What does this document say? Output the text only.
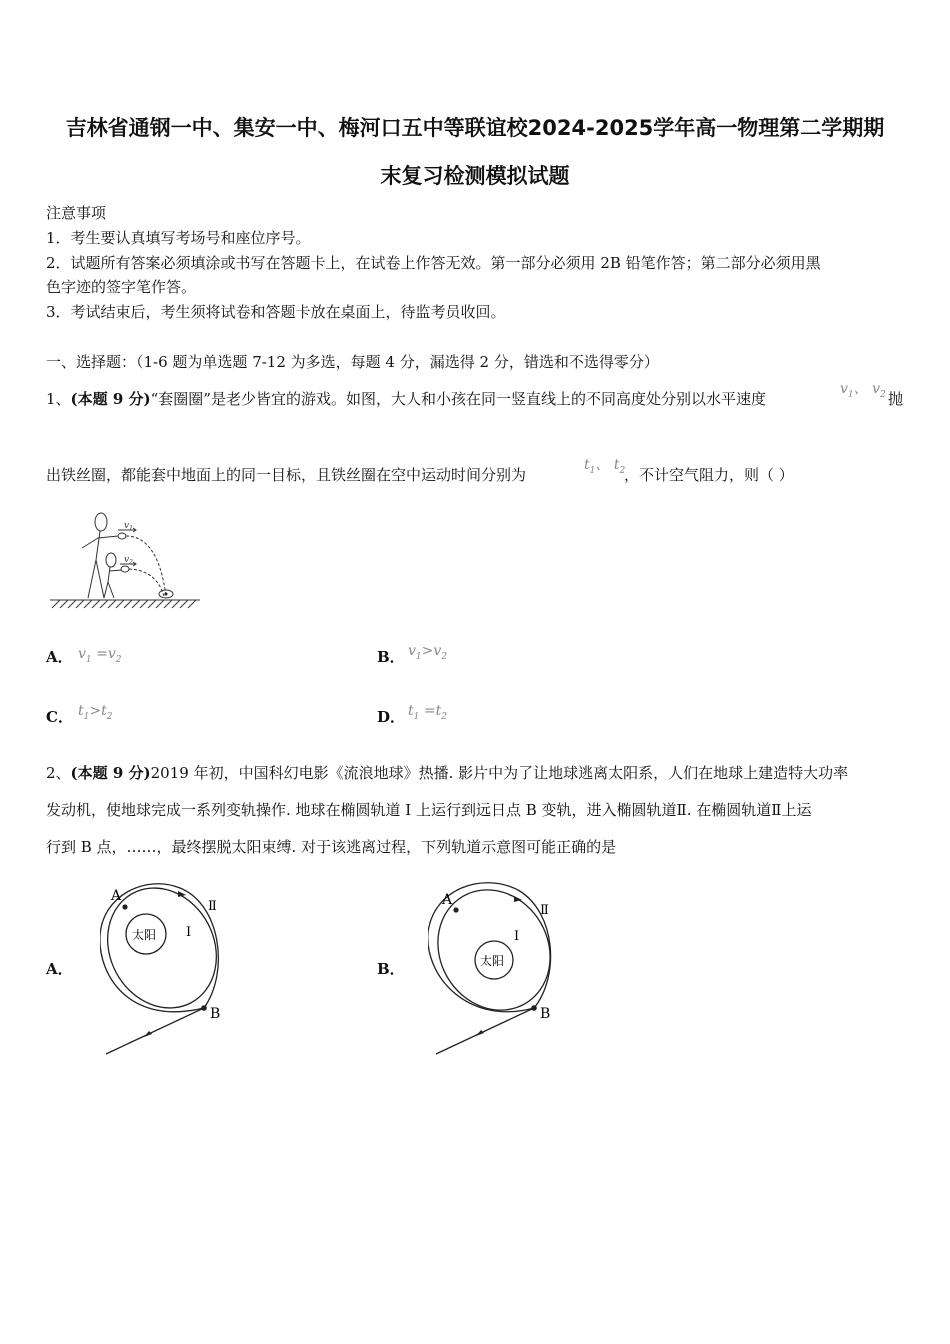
吉林省通钢一中、集安一中、梅河口五中等联谊校2024-2025学年高一物理第二学期期
末复习检测模拟试题
注意事项
1．考生要认真填写考场号和座位序号。
2．试题所有答案必须填涂或书写在答题卡上，在试卷上作答无效。第一部分必须用 2B 铅笔作答；第二部分必须用黑
色字迹的签字笔作答。
3．考试结束后，考生须将试卷和答题卡放在桌面上，待监考员收回。
一、选择题：（1-6 题为单选题 7-12 为多选，每题 4 分，漏选得 2 分，错选和不选得零分）
1、(本题 9 分)“套圈圈”是老少皆宜的游戏。如图，大人和小孩在同一竖直线上的不同高度处分别以水平速度
$v_1$、 $v_2$ 抛
出铁丝圈，都能套中地面上的同一目标，且铁丝圈在空中运动时间分别为
$t_1$、 $t_2$
，不计空气阻力，则（ ）
$v_1$
$v_2$
A． $v_1 =v_2$	B． $v_1>v_2$
C． $t_1>t_2$	D． $t_1 =t_2$
2、(本题 9 分)2019 年初，中国科幻电影《流浪地球》热播. 影片中为了让地球逃离太阳系，人们在地球上建造特大功率
发动机，使地球完成一系列变轨操作. 地球在椭圆轨道 I 上运行到远日点 B 变轨，进入椭圆轨道Ⅱ. 在椭圆轨道Ⅱ上运
行到 B 点，……，最终摆脱太阳束缚. 对于该逃离过程，下列轨道示意图可能正确的是
A．
A
B
I
Ⅱ
太阳
B．
A
B
I
Ⅱ
太阳
